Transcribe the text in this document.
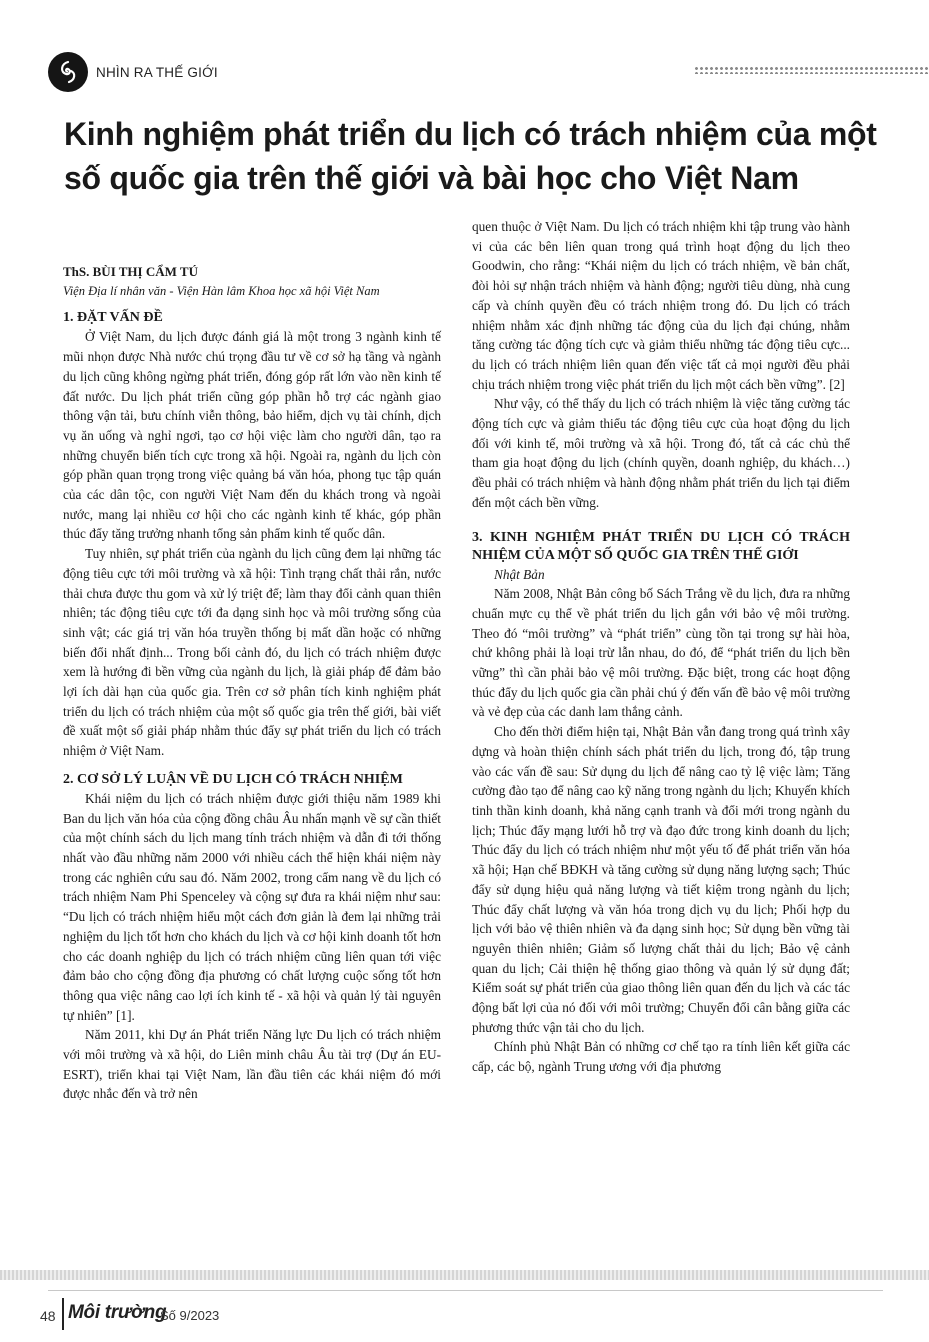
NHÌN RA THẾ GIỚI
Kinh nghiệm phát triển du lịch có trách nhiệm của một số quốc gia trên thế giới và bài học cho Việt Nam

ThS. BÙI THỊ CẨM TÚ

Viện Địa lí nhân văn - Viện Hàn lâm Khoa học xã hội Việt Nam

1. ĐẶT VẤN ĐỀ

Ở Việt Nam, du lịch được đánh giá là một trong 3 ngành kinh tế mũi nhọn được Nhà nước chú trọng đầu tư về cơ sở hạ tầng và ngành du lịch cũng không ngừng phát triển, đóng góp rất lớn vào nền kinh tế đất nước. Du lịch phát triển cũng góp phần hỗ trợ các ngành giao thông vận tải, bưu chính viễn thông, bảo hiểm, dịch vụ tài chính, dịch vụ ăn uống và nghỉ ngơi, tạo cơ hội việc làm cho người dân, tạo ra những chuyển biến tích cực trong xã hội. Ngoài ra, ngành du lịch còn góp phần quan trọng trong việc quảng bá văn hóa, phong tục tập quán của các dân tộc, con người Việt Nam đến du khách trong và ngoài nước, mang lại nhiều cơ hội cho các ngành kinh tế khác, góp phần thúc đẩy tăng trưởng nhanh tổng sản phẩm kinh tế quốc dân.

Tuy nhiên, sự phát triển của ngành du lịch cũng đem lại những tác động tiêu cực tới môi trường và xã hội: Tình trạng chất thải rắn, nước thải chưa được thu gom và xử lý triệt để; làm thay đổi cảnh quan thiên nhiên; tác động tiêu cực tới đa dạng sinh học và môi trường sống của sinh vật; các giá trị văn hóa truyền thống bị mất dần hoặc có những biến đổi nhất định... Trong bối cảnh đó, du lịch có trách nhiệm được xem là hướng đi bền vững của ngành du lịch, là giải pháp để đảm bảo lợi ích dài hạn của quốc gia. Trên cơ sở phân tích kinh nghiệm phát triển du lịch có trách nhiệm của một số quốc gia trên thế giới, bài viết đề xuất một số giải pháp nhằm thúc đẩy sự phát triển du lịch có trách nhiệm ở Việt Nam.

2. CƠ SỞ LÝ LUẬN VỀ DU LỊCH CÓ TRÁCH NHIỆM

Khái niệm du lịch có trách nhiệm được giới thiệu năm 1989 khi Ban du lịch văn hóa của cộng đồng châu Âu nhấn mạnh về sự cần thiết của một chính sách du lịch mang tính trách nhiệm và dẫn đi tới thống nhất vào đầu những năm 2000 với nhiều cách thể hiện khái niệm này trong các nghiên cứu sau đó. Năm 2002, trong cẩm nang về du lịch có trách nhiệm Nam Phi Spenceley và cộng sự đưa ra khái niệm như sau: “Du lịch có trách nhiệm hiểu một cách đơn giản là đem lại những trải nghiệm du lịch tốt hơn cho khách du lịch và cơ hội kinh doanh tốt hơn cho các doanh nghiệp du lịch có trách nhiệm cũng liên quan tới việc đảm bảo cho cộng đồng địa phương có chất lượng cuộc sống tốt hơn thông qua việc nâng cao lợi ích kinh tế - xã hội và quản lý tài nguyên tự nhiên” [1].

Năm 2011, khi Dự án Phát triển Năng lực Du lịch có trách nhiệm với môi trường và xã hội, do Liên minh châu Âu tài trợ (Dự án EU-ESRT), triển khai tại Việt Nam, lần đầu tiên các khái niệm đó mới được nhắc đến và trở nên

quen thuộc ở Việt Nam. Du lịch có trách nhiệm khi tập trung vào hành vi của các bên liên quan trong quá trình hoạt động du lịch theo Goodwin, cho rằng: “Khái niệm du lịch có trách nhiệm, về bản chất, đòi hỏi sự nhận trách nhiệm và hành động; người tiêu dùng, nhà cung cấp và chính quyền đều có trách nhiệm trong đó. Du lịch có trách nhiệm nhằm xác định những tác động của du lịch đại chúng, nhằm tăng cường tác động tích cực và giảm thiểu những tác động tiêu cực... du lịch có trách nhiệm liên quan đến việc tất cả mọi người đều phải chịu trách nhiệm trong việc phát triển du lịch một cách bền vững”. [2]

Như vậy, có thể thấy du lịch có trách nhiệm là việc tăng cường tác động tích cực và giảm thiểu tác động tiêu cực của hoạt động du lịch đối với kinh tế, môi trường và xã hội. Trong đó, tất cả các chủ thể tham gia hoạt động du lịch (chính quyền, doanh nghiệp, du khách…) đều phải có trách nhiệm và hành động nhằm phát triển du lịch tại điểm đến một cách bền vững.

3. KINH NGHIỆM PHÁT TRIỂN DU LỊCH CÓ TRÁCH NHIỆM CỦA MỘT SỐ QUỐC GIA TRÊN THẾ GIỚI

Nhật Bản

Năm 2008, Nhật Bản công bố Sách Trắng về du lịch, đưa ra những chuẩn mực cụ thể về phát triển du lịch gắn với bảo vệ môi trường. Theo đó “môi trường” và “phát triển” cùng tồn tại trong sự hài hòa, chứ không phải là loại trừ lẫn nhau, do đó, để “phát triển du lịch bền vững” thì cần phải bảo vệ môi trường. Đặc biệt, trong các hoạt động thúc đẩy du lịch quốc gia cần phải chú ý đến vấn đề bảo vệ môi trường và vẻ đẹp của các danh lam thắng cảnh.

Cho đến thời điểm hiện tại, Nhật Bản vẫn đang trong quá trình xây dựng và hoàn thiện chính sách phát triển du lịch, trong đó, tập trung vào các vấn đề sau: Sử dụng du lịch để nâng cao tỷ lệ việc làm; Tăng cường đào tạo để nâng cao kỹ năng trong ngành du lịch; Khuyến khích tinh thần kinh doanh, khả năng cạnh tranh và đổi mới trong ngành du lịch; Thúc đẩy mạng lưới hỗ trợ và đạo đức trong kinh doanh du lịch; Thúc đẩy du lịch có trách nhiệm như một yếu tố để phát triển văn hóa xã hội; Hạn chế BĐKH và tăng cường sử dụng năng lượng sạch; Thúc đẩy sử dụng hiệu quả năng lượng và tiết kiệm trong ngành du lịch; Thúc đẩy chất lượng và văn hóa trong dịch vụ du lịch; Phối hợp du lịch với bảo vệ thiên nhiên và đa dạng sinh học; Sử dụng bền vững tài nguyên thiên nhiên; Giảm số lượng chất thải du lịch; Bảo vệ cảnh quan du lịch; Cải thiện hệ thống giao thông và quản lý sử dụng đất; Kiểm soát sự phát triển của giao thông liên quan đến du lịch và các tác động bất lợi của nó đối với môi trường; Chuyển đổi cân bằng giữa các phương thức vận tải cho du lịch.

Chính phủ Nhật Bản có những cơ chế tạo ra tính liên kết giữa các cấp, các bộ, ngành Trung ương với địa phương

48 Môi trường
Số 9/2023
